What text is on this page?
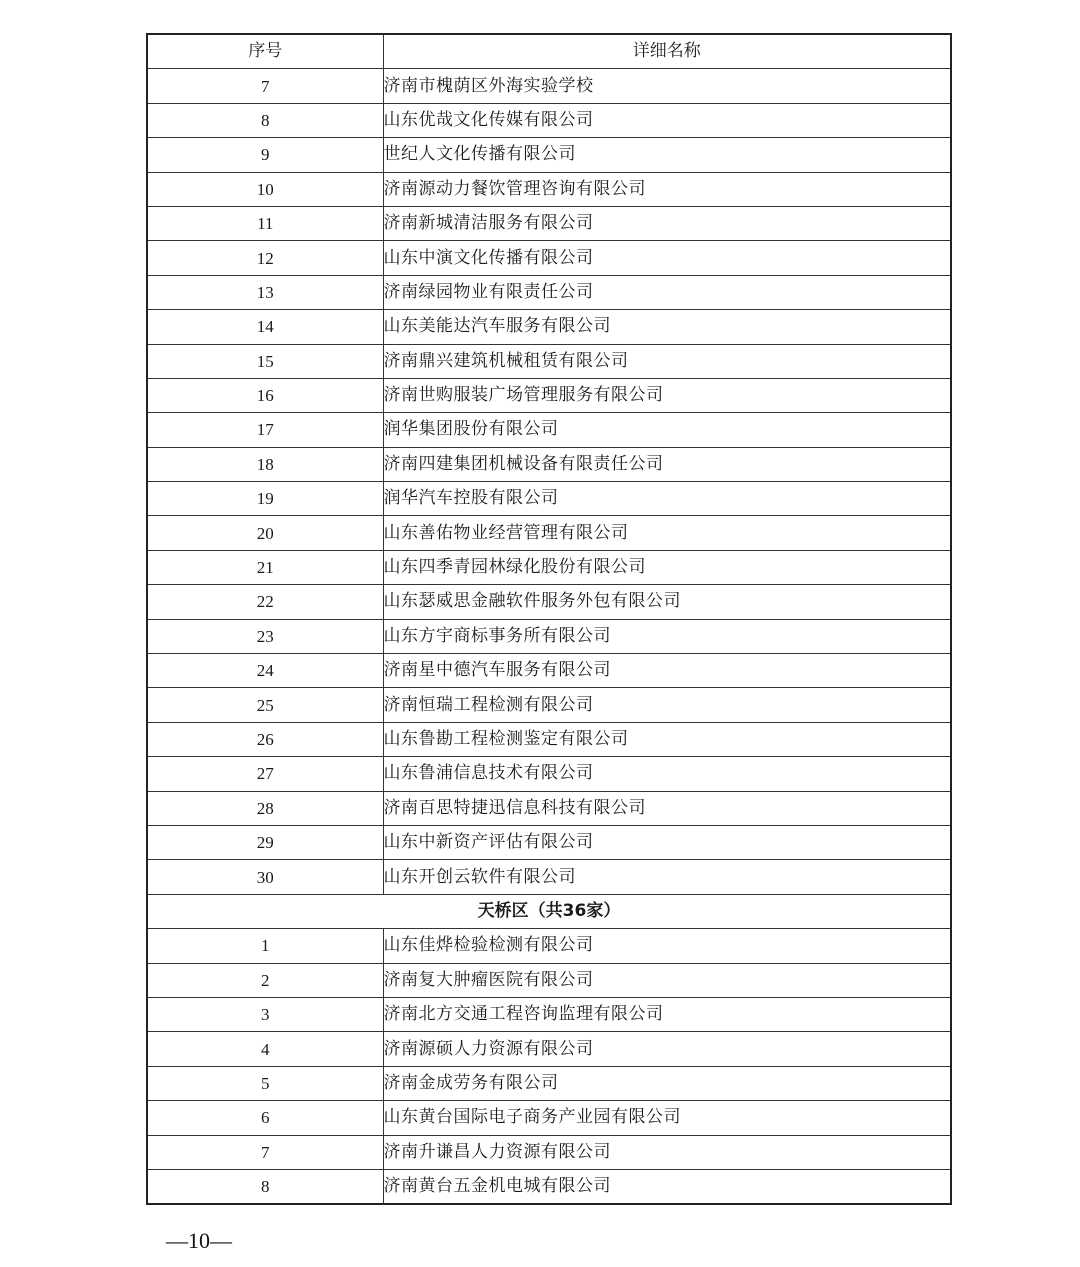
序号	详细名称
7	济南市槐荫区外海实验学校
8	山东优哉文化传媒有限公司
9	世纪人文化传播有限公司
10	济南源动力餐饮管理咨询有限公司
11	济南新城清洁服务有限公司
12	山东中演文化传播有限公司
13	济南绿园物业有限责任公司
14	山东美能达汽车服务有限公司
15	济南鼎兴建筑机械租赁有限公司
16	济南世购服装广场管理服务有限公司
17	润华集团股份有限公司
18	济南四建集团机械设备有限责任公司
19	润华汽车控股有限公司
20	山东善佑物业经营管理有限公司
21	山东四季青园林绿化股份有限公司
22	山东瑟威思金融软件服务外包有限公司
23	山东方宇商标事务所有限公司
24	济南星中德汽车服务有限公司
25	济南恒瑞工程检测有限公司
26	山东鲁勘工程检测鉴定有限公司
27	山东鲁浦信息技术有限公司
28	济南百思特捷迅信息科技有限公司
29	山东中新资产评估有限公司
30	山东开创云软件有限公司
天桥区（共36家）	
1	山东佳烨检验检测有限公司
2	济南复大肿瘤医院有限公司
3	济南北方交通工程咨询监理有限公司
4	济南源硕人力资源有限公司
5	济南金成劳务有限公司
6	山东黄台国际电子商务产业园有限公司
7	济南升谦昌人力资源有限公司
8	济南黄台五金机电城有限公司
—10—
